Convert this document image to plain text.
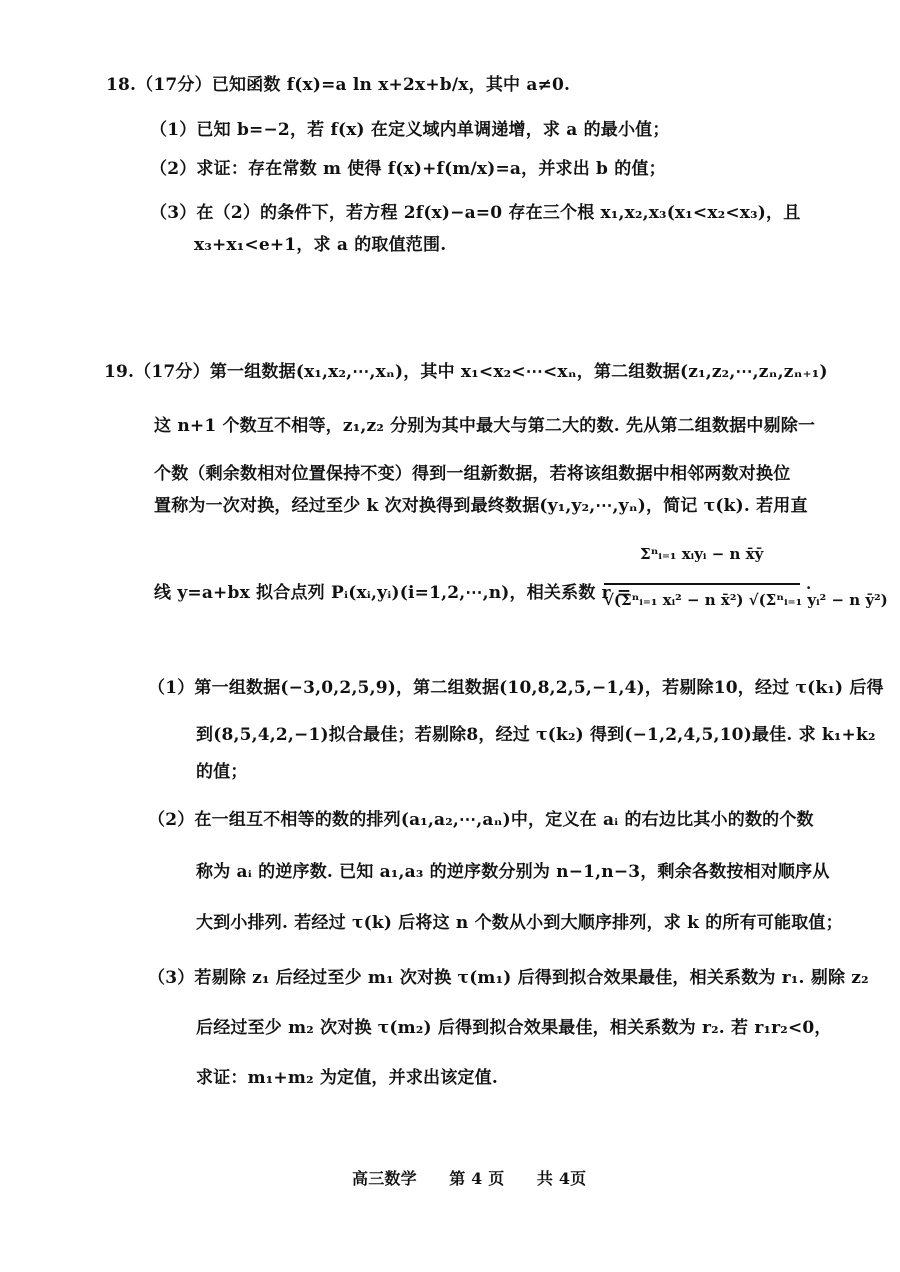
18.（17分）已知函数 f(x)=a ln x+2x+b/x，其中 a≠0.
（1）已知 b=−2，若 f(x) 在定义域内单调递增，求 a 的最小值；
（2）求证：存在常数 m 使得 f(x)+f(m/x)=a，并求出 b 的值；
（3）在（2）的条件下，若方程 2f(x)−a=0 存在三个根 x₁,x₂,x₃(x₁<x₂<x₃)，且
x₃+x₁<e+1，求 a 的取值范围.
19.（17分）第一组数据(x₁,x₂,⋯,xₙ)，其中 x₁<x₂<⋯<xₙ，第二组数据(z₁,z₂,⋯,zₙ,zₙ₊₁)
这 n+1 个数互不相等，z₁,z₂ 分别为其中最大与第二大的数. 先从第二组数据中剔除一
个数（剩余数相对位置保持不变）得到一组新数据，若将该组数据中相邻两数对换位
置称为一次对换，经过至少 k 次对换得到最终数据(y₁,y₂,⋯,yₙ)，简记 τ(k). 若用直
线 y=a+bx 拟合点列 Pᵢ(xᵢ,yᵢ)(i=1,2,⋯,n)，相关系数 r =
Σⁿᵢ₌₁ xᵢyᵢ − n x̄ȳ
√(Σⁿᵢ₌₁ xᵢ² − n x̄²) √(Σⁿᵢ₌₁ yᵢ² − n ȳ²)
.
（1）第一组数据(−3,0,2,5,9)，第二组数据(10,8,2,5,−1,4)，若剔除10，经过 τ(k₁) 后得
到(8,5,4,2,−1)拟合最佳；若剔除8，经过 τ(k₂) 得到(−1,2,4,5,10)最佳. 求 k₁+k₂
的值；
（2）在一组互不相等的数的排列(a₁,a₂,⋯,aₙ)中，定义在 aᵢ 的右边比其小的数的个数
称为 aᵢ 的逆序数. 已知 a₁,a₃ 的逆序数分别为 n−1,n−3，剩余各数按相对顺序从
大到小排列. 若经过 τ(k) 后将这 n 个数从小到大顺序排列，求 k 的所有可能取值；
（3）若剔除 z₁ 后经过至少 m₁ 次对换 τ(m₁) 后得到拟合效果最佳，相关系数为 r₁. 剔除 z₂
后经过至少 m₂ 次对换 τ(m₂) 后得到拟合效果最佳，相关系数为 r₂. 若 r₁r₂<0，
求证：m₁+m₂ 为定值，并求出该定值.
高三数学　　第 4 页　　共 4页
